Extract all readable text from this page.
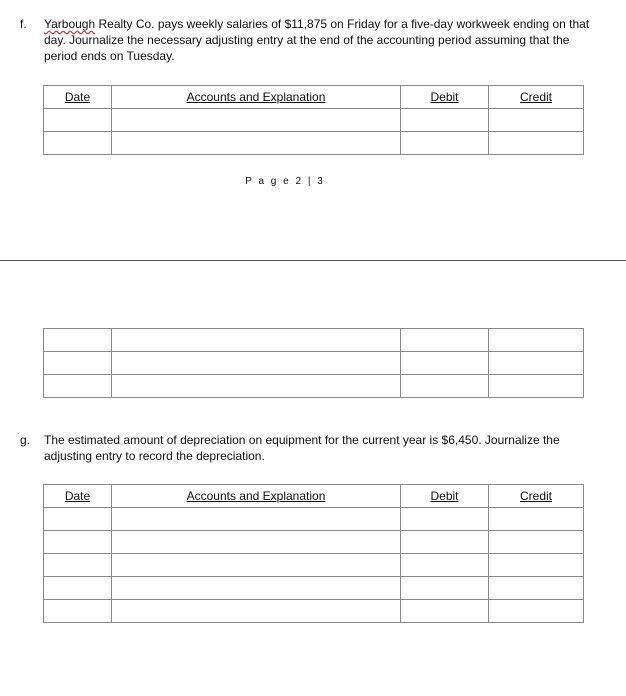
f. Yarbough Realty Co. pays weekly salaries of $11,875 on Friday for a five-day workweek ending on that day. Journalize the necessary adjusting entry at the end of the accounting period assuming that the period ends on Tuesday.
Date	Accounts and Explanation	Debit	Credit

P a g e 2 | 3

g. The estimated amount of depreciation on equipment for the current year is $6,450. Journalize the adjusting entry to record the depreciation.
Date	Accounts and Explanation	Debit	Credit
